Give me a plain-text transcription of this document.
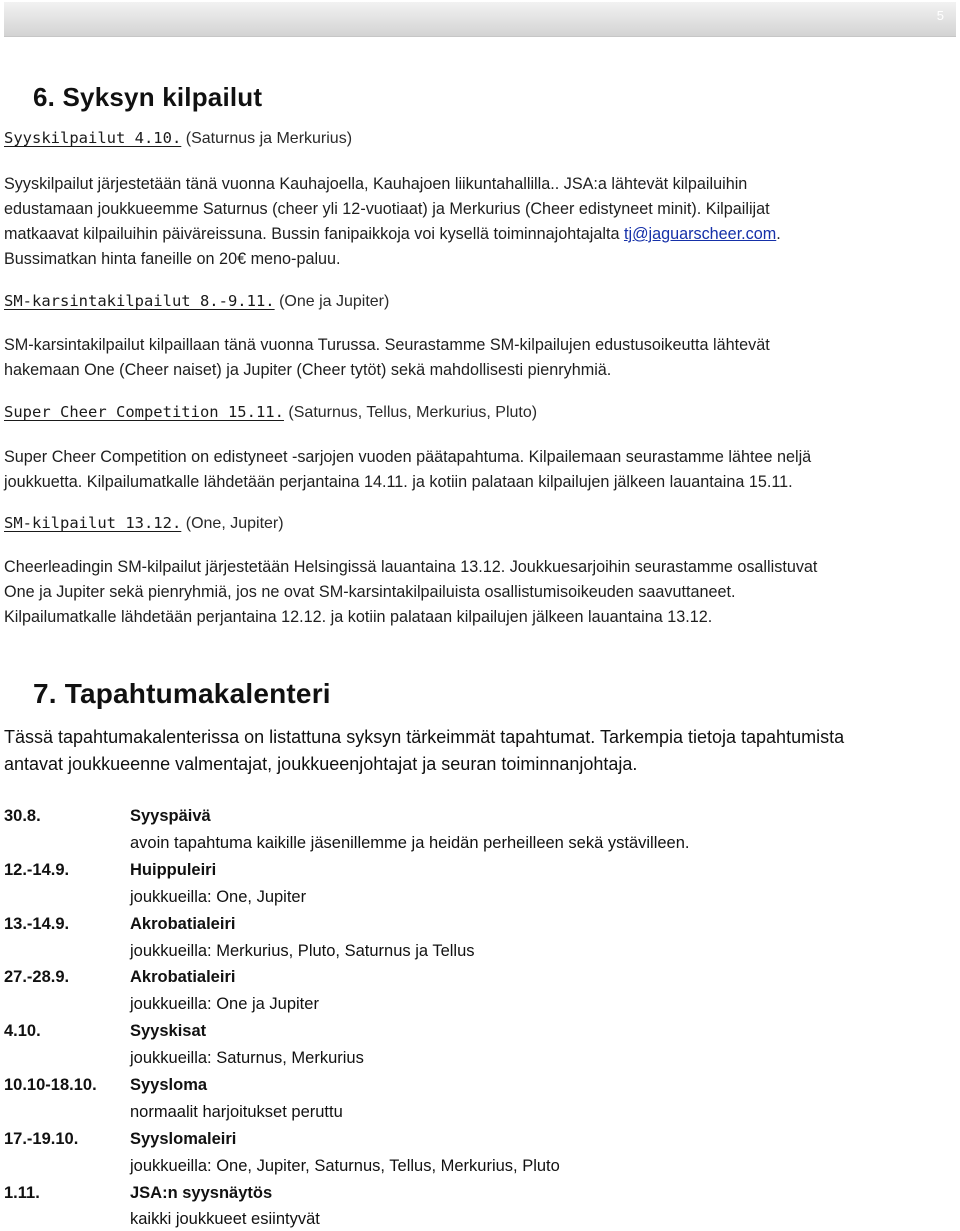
5
6. Syksyn kilpailut
Syyskilpailut 4.10. (Saturnus ja Merkurius)

Syyskilpailut järjestetään tänä vuonna Kauhajoella, Kauhajoen liikuntahallilla.. JSA:a lähtevät kilpailuihin

edustamaan joukkueemme Saturnus (cheer yli 12-vuotiaat) ja Merkurius (Cheer edistyneet minit). Kilpailijat

matkaavat kilpailuihin päiväreissuna. Bussin fanipaikkoja voi kysellä toiminnajohtajalta tj@jaguarscheer.com.

Bussimatkan hinta faneille on 20€ meno-paluu.

SM-karsintakilpailut 8.-9.11. (One ja Jupiter)

SM-karsintakilpailut kilpaillaan tänä vuonna Turussa. Seurastamme SM-kilpailujen edustusoikeutta lähtevät

hakemaan One (Cheer naiset) ja Jupiter (Cheer tytöt) sekä mahdollisesti pienryhmiä.

Super Cheer Competition 15.11. (Saturnus, Tellus, Merkurius, Pluto)

Super Cheer Competition on edistyneet -sarjojen vuoden päätapahtuma. Kilpailemaan seurastamme lähtee neljä

joukkuetta. Kilpailumatkalle lähdetään perjantaina 14.11. ja kotiin palataan kilpailujen jälkeen lauantaina 15.11.

SM-kilpailut 13.12. (One, Jupiter)

Cheerleadingin SM-kilpailut järjestetään Helsingissä lauantaina 13.12. Joukkuesarjoihin seurastamme osallistuvat

One ja Jupiter sekä pienryhmiä, jos ne ovat SM-karsintakilpailuista osallistumisoikeuden saavuttaneet.

Kilpailumatkalle lähdetään perjantaina 12.12. ja kotiin palataan kilpailujen jälkeen lauantaina 13.12.

7. Tapahtumakalenteri

Tässä tapahtumakalenterissa on listattuna syksyn tärkeimmät tapahtumat. Tarkempia tietoja tapahtumista

antavat joukkueenne valmentajat, joukkueenjohtajat ja seuran toiminnanjohtaja.

30.8.	Syyspäivä
avoin tapahtuma kaikille jäsenillemme ja heidän perheilleen sekä ystävilleen.
12.-14.9.	Huippuleiri
joukkueilla: One, Jupiter
13.-14.9.	Akrobatialeiri
joukkueilla: Merkurius, Pluto, Saturnus ja Tellus
27.-28.9.	Akrobatialeiri
joukkueilla: One ja Jupiter
4.10.	Syyskisat
joukkueilla: Saturnus, Merkurius
10.10-18.10. Syysloma
normaalit harjoitukset peruttu
17.-19.10.	Syyslomaleiri
joukkueilla: One, Jupiter, Saturnus, Tellus, Merkurius, Pluto
1.11.	JSA:n syysnäytös
kaikki joukkueet esiintyvät
